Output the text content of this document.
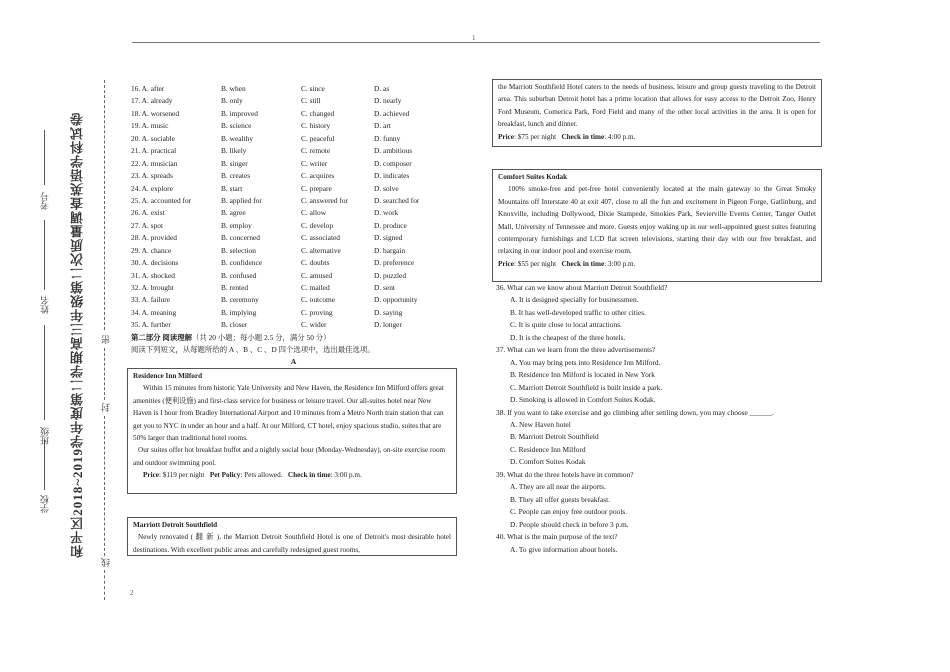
1
2
和平区2018~2019学年度第二学期高三年级第二次质量调查英语学科试卷
学校
班级
姓名
考号
密
封
线
16. A. after	B. when	C. since	D. as
17. A. already	B. only	C. still	D. nearly
18. A. worsened	B. improved	C. changed	D. achieved
19. A. music	B. science	C. history	D. art
20. A. sociable	B. wealthy	C. peaceful	D. funny
21. A. practical	B. likely	C. remote	D. ambitious
22. A. musician	B. singer	C. writer	D. composer
23. A. spreads	B. creates	C. acquires	D. indicates
24. A. explore	B. start	C. prepare	D. solve
25. A. accounted for	B. applied for	C. answered for	D. searched for
26. A. exist	B. agree	C. allow	D. work
27. A. spot	B. employ	C. develop	D. produce
28. A. provided	B. concerned	C. associated	D. signed
29. A. chance	B. selection	C. alternative	D. bargain
30. A. decisions	B. confidence	C. doubts	D. preference
31. A. shocked	B. confused	C. amused	D. puzzled
32. A. brought	B. rented	C. mailed	D. sent
33. A. failure	B. ceremony	C. outcome	D. opportunity
34. A. meaning	B. implying	C. proving	D. saying
35. A. further	B. closer	C. wider	D. longer
第二部分 阅读理解（共 20 小题；每小题 2.5 分，满分 50 分）
阅读下列短文，从每题所给的 A 、B 、C 、D 四个选项中，选出最佳选项。
A
Residence Inn Milford

Within 15 minutes from historic Yale University and New Haven, the Residence Inn Milford offers great amenities (便利设施) and first-class service for business or leisure travel. Our all-suites hotel near New Haven is I hour from Bradley International Airport and 10 minutes from a Metro North train station that can get you to NYC in under an hour and a half. At our Milford, CT hotel, enjoy spacious studio, suites that are 50% larger than traditional hotel rooms.

Our suites offer hot breakfast buffet and a nightly social hour (Monday-Wednesday), on-site exercise room and outdoor swimming pool.

Price: $119 per night Pet Policy: Pets allowed. Check in time: 3:00 p.m.

Marriott Detroit Southfield

Newly renovated ( 翻 新 ), the Marriott Detroit Southfield Hotel is one of Detroit's most desirable hotel destinations. With excellent public areas and carefully redesigned guest rooms,

the Marriott Southfield Hotel caters to the needs of business, leisure and group guests traveling to the Detroit area. This suburban Detroit hotel has a prime location that allows for easy access to the Detroit Zoo, Henry Ford Museum, Comerica Park, Ford Field and many of the other local activities in the area. It is open for breakfast, lunch and dinner.

Price: $75 per night Check in time: 4:00 p.m.

Comfort Suites Kodak

100% smoke-free and pet-free hotel conveniently located at the main gateway to the Great Smoky Mountains off Interstate 40 at exit 407, close to all the fun and excitement in Pigeon Forge, Gatlinburg, and Knoxville, including Dollywood, Dixie Stampede, Smokies Park, Sevierville Events Center, Tanger Outlet Mall, University of Tennessee and more. Guests enjoy waking up in our well-appointed guest suites featuring contemporary furnishings and LCD flat screen televisions, starting their day with our free breakfast, and relaxing in our indoor pool and exercise room.

Price: $55 per night Check in time: 3:00 p.m.

36. What can we know about Marriott Detroit Southfield?
A. It is designed specially for businessmen.
B. It has well-developed traffic to other cities.
C. It is quite close to local attractions.
D. It is the cheapest of the three hotels.
37. What can we learn from the three advertisements?
A. You may bring pets into Residence Inn Milford.
B. Residence Inn Milford is located in New York
C. Marriott Detroit Southfield is built inside a park.
D. Smoking is allowed in Comfort Suites Kodak.
38. If you want to take exercise and go climbing after settling down, you may choose ______.
A. New Haven hotel
B. Marriott Detroit Southfield
C. Residence Inn Milford
D. Comfort Suites Kodak
39. What do the three hotels have in common?
A. They are all near the airports.
B. They all offer guests breakfast.
C. People can enjoy free outdoor pools.
D. People should check in before 3 p.m.
40. What is the main purpose of the text?
A. To give information about hotels.
